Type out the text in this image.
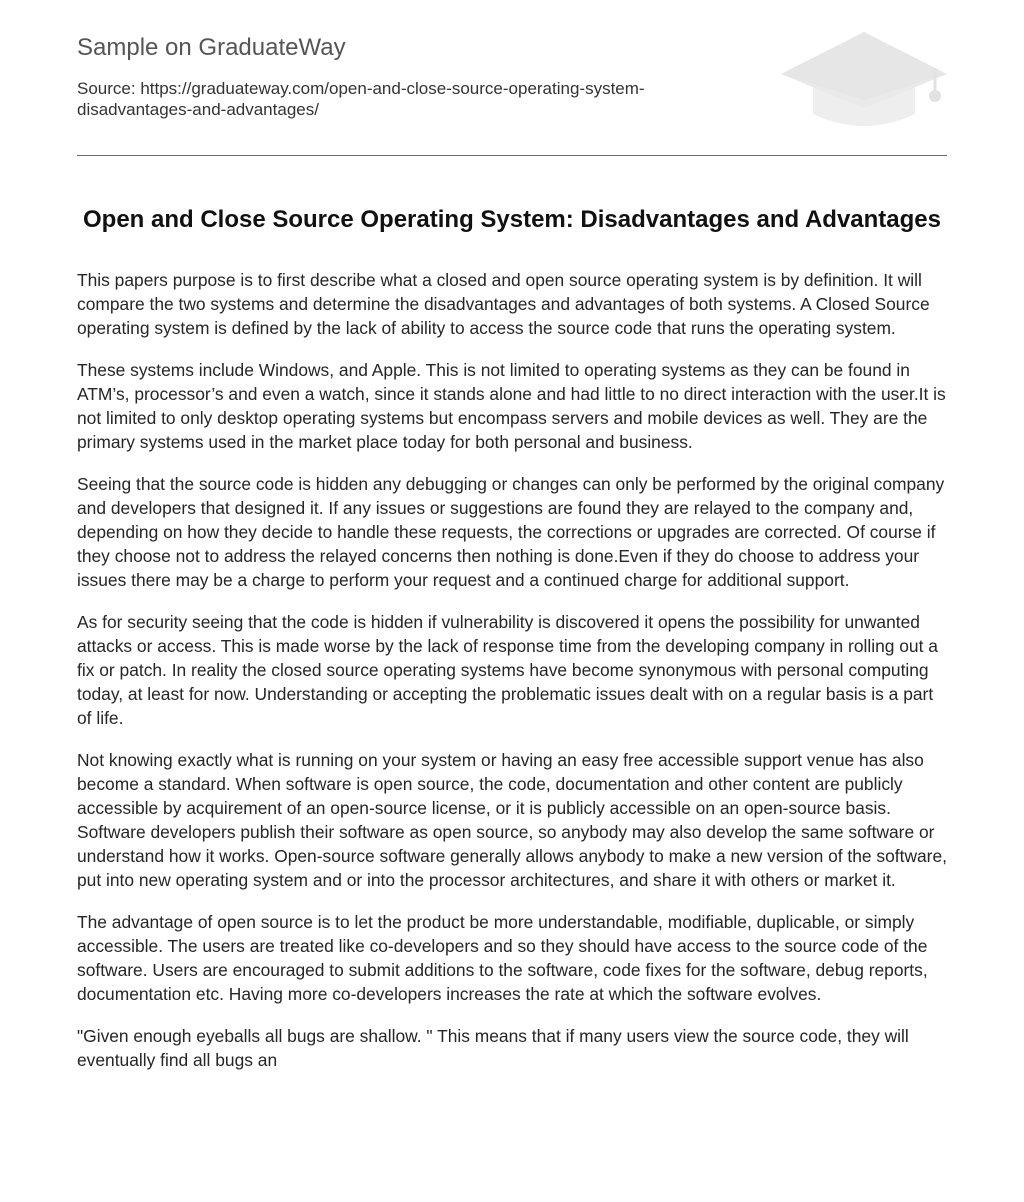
Sample on GraduateWay
Source: https://graduateway.com/open-and-close-source-operating-system-disadvantages-and-advantages/
Open and Close Source Operating System: Disadvantages and Advantages

This papers purpose is to first describe what a closed and open source operating system is by definition. It will compare the two systems and determine the disadvantages and advantages of both systems. A Closed Source operating system is defined by the lack of ability to access the source code that runs the operating system.

These systems include Windows, and Apple. This is not limited to operating systems as they can be found in ATM’s, processor’s and even a watch, since it stands alone and had little to no direct interaction with the user.It is not limited to only desktop operating systems but encompass servers and mobile devices as well. They are the primary systems used in the market place today for both personal and business.

Seeing that the source code is hidden any debugging or changes can only be performed by the original company and developers that designed it. If any issues or suggestions are found they are relayed to the company and, depending on how they decide to handle these requests, the corrections or upgrades are corrected. Of course if they choose not to address the relayed concerns then nothing is done.Even if they do choose to address your issues there may be a charge to perform your request and a continued charge for additional support.

As for security seeing that the code is hidden if vulnerability is discovered it opens the possibility for unwanted attacks or access. This is made worse by the lack of response time from the developing company in rolling out a fix or patch. In reality the closed source operating systems have become synonymous with personal computing today, at least for now. Understanding or accepting the problematic issues dealt with on a regular basis is a part of life.

Not knowing exactly what is running on your system or having an easy free accessible support venue has also become a standard. When software is open source, the code, documentation and other content are publicly accessible by acquirement of an open-source license, or it is publicly accessible on an open-source basis. Software developers publish their software as open source, so anybody may also develop the same software or understand how it works. Open-source software generally allows anybody to make a new version of the software, put into new operating system and or into the processor architectures, and share it with others or market it.

The advantage of open source is to let the product be more understandable, modifiable, duplicable, or simply accessible. The users are treated like co-developers and so they should have access to the source code of the software. Users are encouraged to submit additions to the software, code fixes for the software, debug reports, documentation etc. Having more co-developers increases the rate at which the software evolves.

"Given enough eyeballs all bugs are shallow. " This means that if many users view the source code, they will eventually find all bugs an
